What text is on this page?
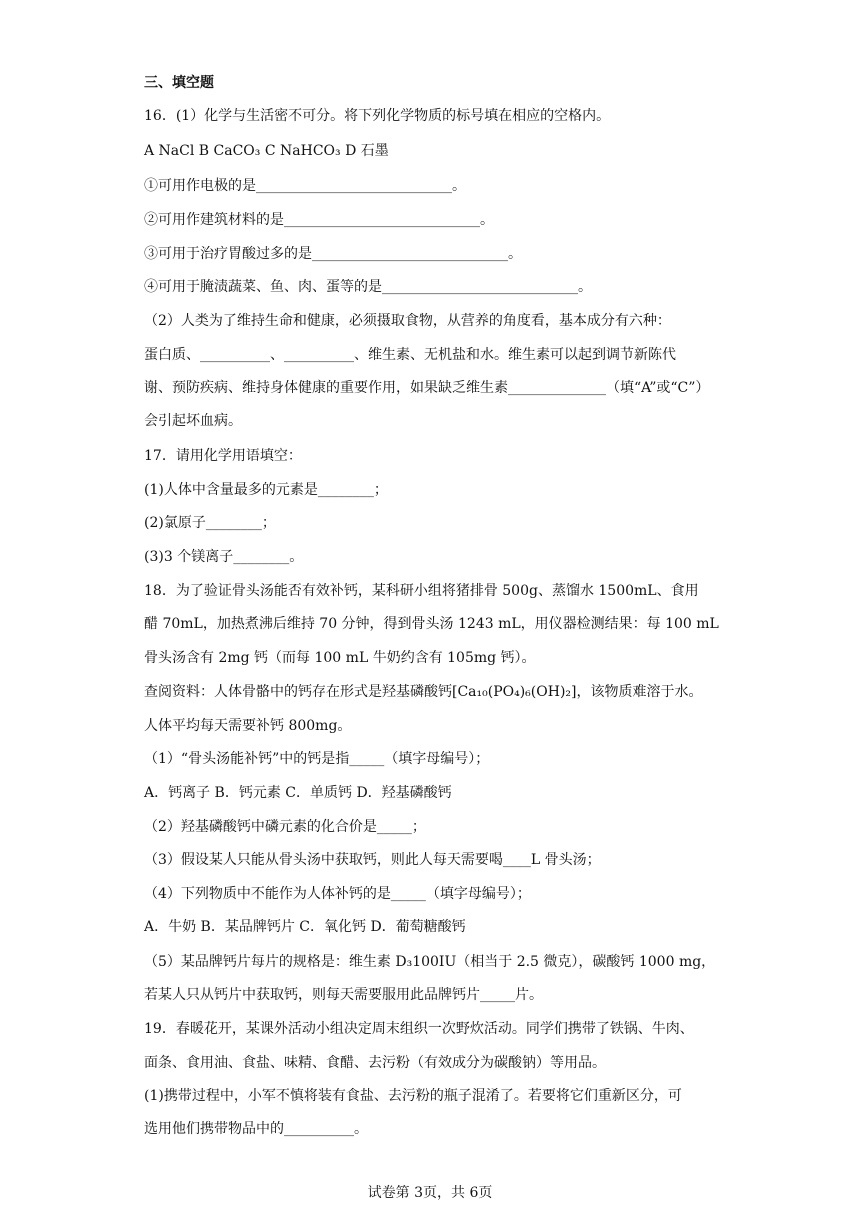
三、填空题
16．(1）化学与生活密不可分。将下列化学物质的标号填在相应的空格内。
A NaCl B CaCO₃ C NaHCO₃ D 石墨
①可用作电极的是____________________________。
②可用作建筑材料的是____________________________。
③可用于治疗胃酸过多的是____________________________。
④可用于腌渍蔬菜、鱼、肉、蛋等的是____________________________。
（2）人类为了维持生命和健康，必须摄取食物，从营养的角度看，基本成分有六种：
蛋白质、__________、__________、维生素、无机盐和水。维生素可以起到调节新陈代
谢、预防疾病、维持身体健康的重要作用，如果缺乏维生素______________（填“A”或“C”）
会引起坏血病。
17．请用化学用语填空：
(1)人体中含量最多的元素是________；
(2)氯原子________；
(3)3 个镁离子________。
18．为了验证骨头汤能否有效补钙，某科研小组将猪排骨 500g、蒸馏水 1500mL、食用
醋 70mL，加热煮沸后维持 70 分钟，得到骨头汤 1243 mL，用仪器检测结果：每 100 mL
骨头汤含有 2mg 钙（而每 100 mL 牛奶约含有 105mg 钙）。
查阅资料：人体骨骼中的钙存在形式是羟基磷酸钙[Ca₁₀(PO₄)₆(OH)₂]，该物质难溶于水。
人体平均每天需要补钙 800mg。
（1）“骨头汤能补钙”中的钙是指_____（填字母编号）；
A．钙离子 B．钙元素 C．单质钙 D．羟基磷酸钙
（2）羟基磷酸钙中磷元素的化合价是_____；
（3）假设某人只能从骨头汤中获取钙，则此人每天需要喝____L 骨头汤；
（4）下列物质中不能作为人体补钙的是_____（填字母编号）；
A．牛奶 B．某品牌钙片 C．氧化钙 D．葡萄糖酸钙
（5）某品牌钙片每片的规格是：维生素 D₃100IU（相当于 2.5 微克），碳酸钙 1000 mg，
若某人只从钙片中获取钙，则每天需要服用此品牌钙片_____片。
19．春暖花开，某课外活动小组决定周末组织一次野炊活动。同学们携带了铁锅、牛肉、
面条、食用油、食盐、味精、食醋、去污粉（有效成分为碳酸钠）等用品。
(1)携带过程中，小军不慎将装有食盐、去污粉的瓶子混淆了。若要将它们重新区分，可
选用他们携带物品中的__________。
试卷第 3页，共 6页
